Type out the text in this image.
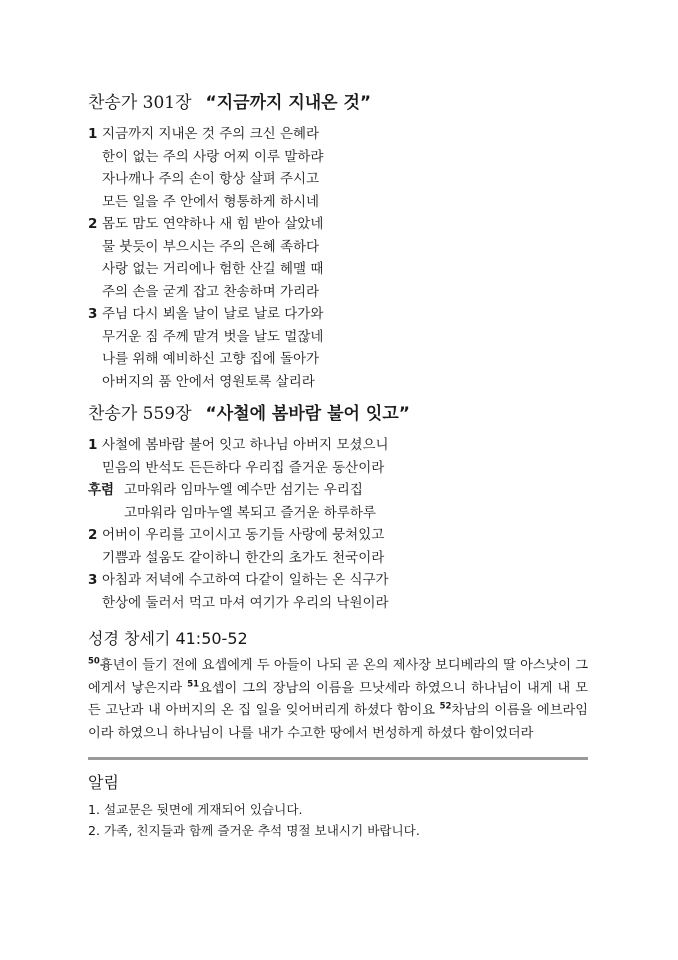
찬송가 301장 “지금까지 지내온 것”
1 지금까지 지내온 것 주의 크신 은혜라
한이 없는 주의 사랑 어찌 이루 말하랴
자나깨나 주의 손이 항상 살펴 주시고
모든 일을 주 안에서 형통하게 하시네
2 몸도 맘도 연약하나 새 힘 받아 살았네
물 붓듯이 부으시는 주의 은혜 족하다
사랑 없는 거리에나 험한 산길 헤맬 때
주의 손을 굳게 잡고 찬송하며 가리라
3 주님 다시 뵈올 날이 날로 날로 다가와
무거운 짐 주께 맡겨 벗을 날도 멀잖네
나를 위해 예비하신 고향 집에 돌아가
아버지의 품 안에서 영원토록 살리라
찬송가 559장 “사철에 봄바람 불어 잇고”
1 사철에 봄바람 불어 잇고 하나님 아버지 모셨으니
믿음의 반석도 든든하다 우리집 즐거운 동산이라
후렴 고마워라 임마누엘 예수만 섬기는 우리집
고마워라 임마누엘 복되고 즐거운 하루하루
2 어버이 우리를 고이시고 동기들 사랑에 뭉쳐있고
기쁨과 설움도 같이하니 한간의 초가도 천국이라
3 아침과 저녁에 수고하여 다같이 일하는 온 식구가
한상에 둘러서 먹고 마셔 여기가 우리의 낙원이라
성경 창세기 41:50-52
$^{50}$흉년이 들기 전에 요셉에게 두 아들이 나되 곧 온의 제사장 보디베라의 딸 아스낫이 그에게서 낳은지라 $^{51}$요셉이 그의 장남의 이름을 므낫세라 하였으니 하나님이 내게 내 모든 고난과 내 아버지의 온 집 일을 잊어버리게 하셨다 함이요 $^{52}$차남의 이름을 에브라임이라 하였으니 하나님이 나를 내가 수고한 땅에서 번성하게 하셨다 함이었더라
알림
1. 설교문은 뒷면에 게재되어 있습니다.
2. 가족, 친지들과 함께 즐거운 추석 명절 보내시기 바랍니다.
